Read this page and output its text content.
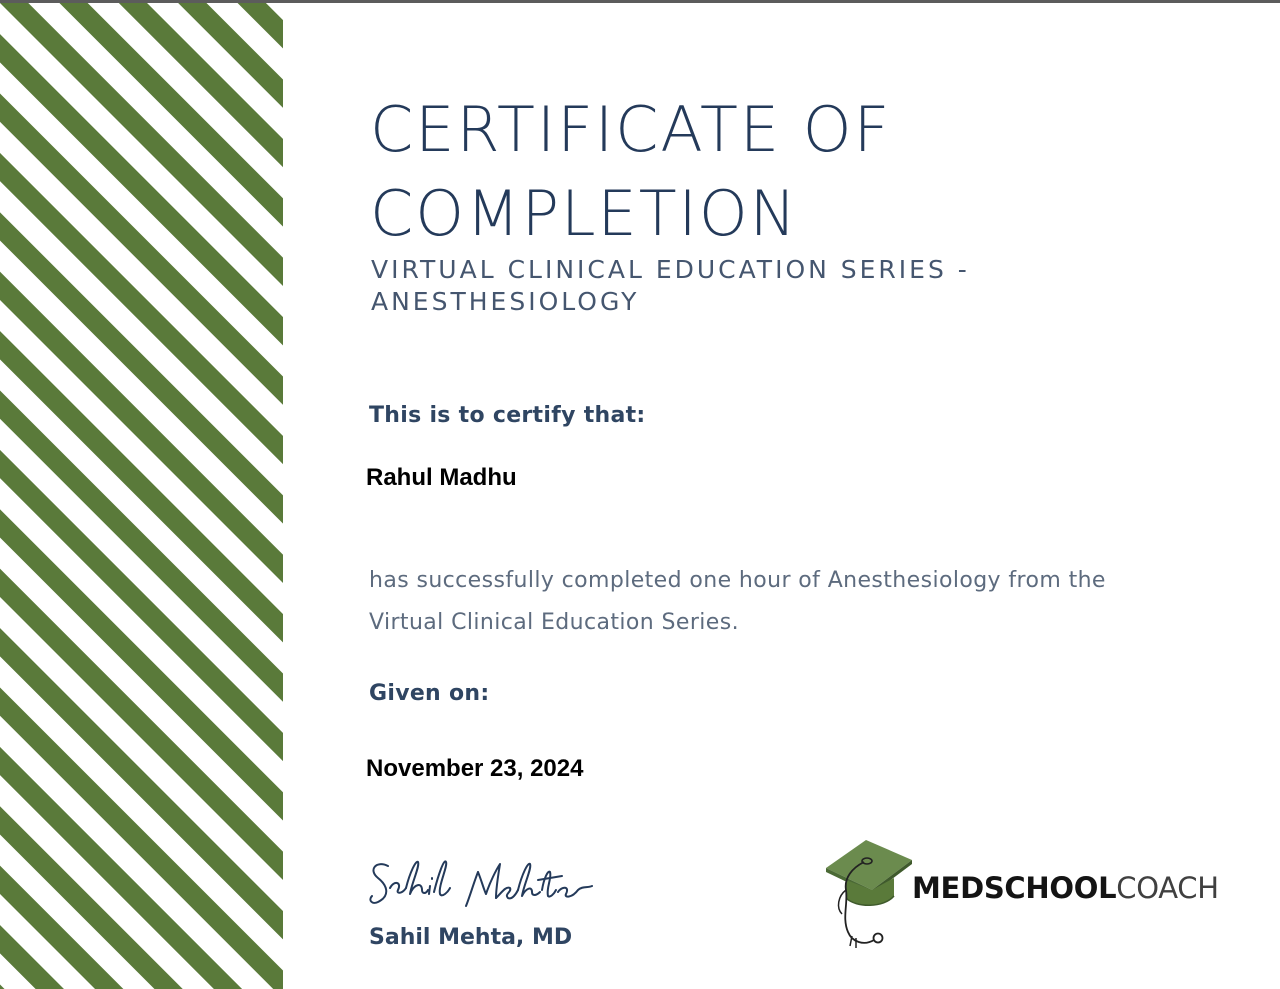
CERTIFICATE OF
COMPLETION
VIRTUAL CLINICAL EDUCATION SERIES -
ANESTHESIOLOGY
This is to certify that:
Rahul Madhu
has successfully completed one hour of Anesthesiology from the
Virtual Clinical Education Series.
Given on:
November 23, 2024
Sahil Mehta, MD
MEDSCHOOLCOACH
